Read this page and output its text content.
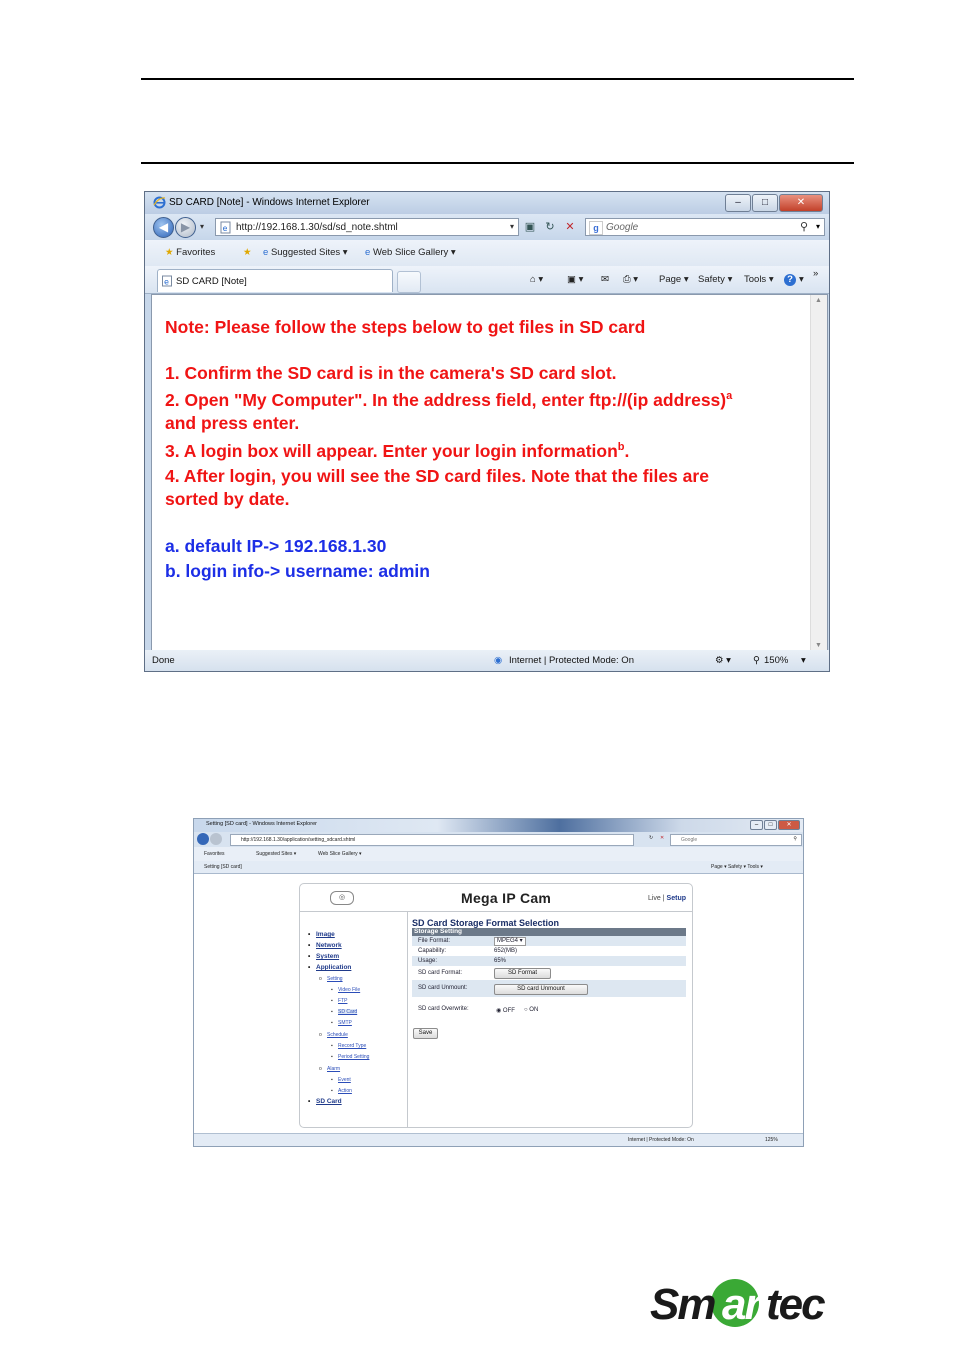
SD CARD [Note] - Windows Internet Explorer	–	□	✕
◀	▶	▾ e http://192.168.1.30/sd/sd_note.shtml	▾ ▣ ↻ ✕	g Google	⚲ ▾
★ Favorites	★ e Suggested Sites ▾ e Web Slice Gallery ▾
e SD CARD [Note]	⌂ ▾	▣ ▾ ✉ ⎙ ▾ Page ▾ Safety ▾ Tools ▾	? ▾
»
Note: Please follow the steps below to get files in SD card
1. Confirm the SD card is in the camera's SD card slot.
2. Open "My Computer". In the address field, enter ftp://(ip address)$^a$
and press enter.
3. A login box will appear. Enter your login information$^b$.
4. After login, you will see the SD card files. Note that the files are
sorted by date.
a. default IP-> 192.168.1.30
b. login info-> username: admin
▲
▼
Done	◉ Internet | Protected Mode: On	⚙ ▾ ⚲ 150% ▾
Setting [SD card] - Windows Internet Explorer	–	□	✕
http://192.168.1.30/application/setting_sdcard.shtml	↻ ✕	Google	⚲
Favorites	Suggested Sites ▾	Web Slice Gallery ▾
Setting [SD card]	Page ▾ Safety ▾ Tools ▾
◎	Mega IP Cam	Live | Setup
• Image
• Network
• System
• Application
o Setting
▪ Video File
▪ FTP
▪ SD Card
▪ SMTP
o Schedule
▪ Record Type
▪ Period Setting
o Alarm
▪ Event
▪ Action
• SD Card
SD Card Storage Format Selection
Storage Setting
File Format:	MPEG4 ▾
Capability:	652(MB)
Usage:	65%
SD card Format:	SD Format
SD card Unmount:	SD card Unmount
SD card Overwrite:	◉ OFF ○ ON
Save
Internet | Protected Mode: On	125%
Sm ar tec
